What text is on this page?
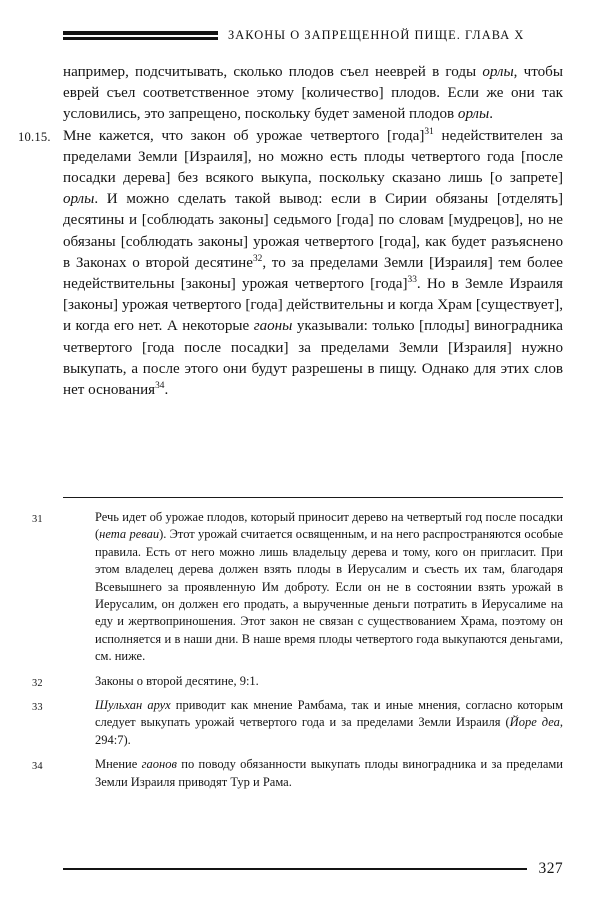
ЗАКОНЫ О ЗАПРЕЩЕННОЙ ПИЩЕ. ГЛАВА Х

например, подсчитывать, сколько плодов съел нееврей в годы орлы, чтобы еврей съел соответственное этому [количество] плодов. Если же они так условились, это запрещено, поскольку будет заменой плодов орлы.

10.15. Мне кажется, что закон об урожае четвертого [года]$^{31}$ недействителен за пределами Земли [Израиля], но можно есть плоды четвертого года [после посадки дерева] без всякого выкупа, поскольку сказано лишь [о запрете] орлы. И можно сделать такой вывод: если в Сирии обязаны [отделять] десятины и [соблюдать законы] седьмого [года] по словам [мудрецов], но не обязаны [соблюдать законы] урожая четвертого [года], как будет разъяснено в Законах о второй десятине$^{32}$, то за пределами Земли [Израиля] тем более недействительны [законы] урожая четвертого [года]$^{33}$. Но в Земле Израиля [законы] урожая четвертого [года] действительны и когда Храм [существует], и когда его нет. А некоторые гаоны указывали: только [плоды] виноградника четвертого [года после посадки] за пределами Земли [Израиля] нужно выкупать, а после этого они будут разрешены в пищу. Однако для этих слов нет основания$^{34}$.

31	Речь идет об урожае плодов, который приносит дерево на четвертый год после посадки (нета реваи). Этот урожай считается освященным, и на него распространяются особые правила. Есть от него можно лишь владельцу дерева и тому, кого он пригласит. При этом владелец дерева должен взять плоды в Иерусалим и съесть их там, благодаря Всевышнего за проявленную Им доброту. Если он не в состоянии взять урожай в Иерусалим, он должен его продать, а вырученные деньги потратить в Иерусалиме на еду и жертвоприношения. Этот закон не связан с существованием Храма, поэтому он исполняется и в наши дни. В наше время плоды четвертого года выкупаются деньгами, см. ниже.
32	Законы о второй десятине, 9:1.
33	Шульхан арух приводит как мнение Рамбама, так и иные мнения, согласно которым следует выкупать урожай четвертого года и за пределами Земли Израиля (Йоре деа, 294:7).
34	Мнение гаонов по поводу обязанности выкупать плоды виноградника и за пределами Земли Израиля приводят Тур и Рама.
327
